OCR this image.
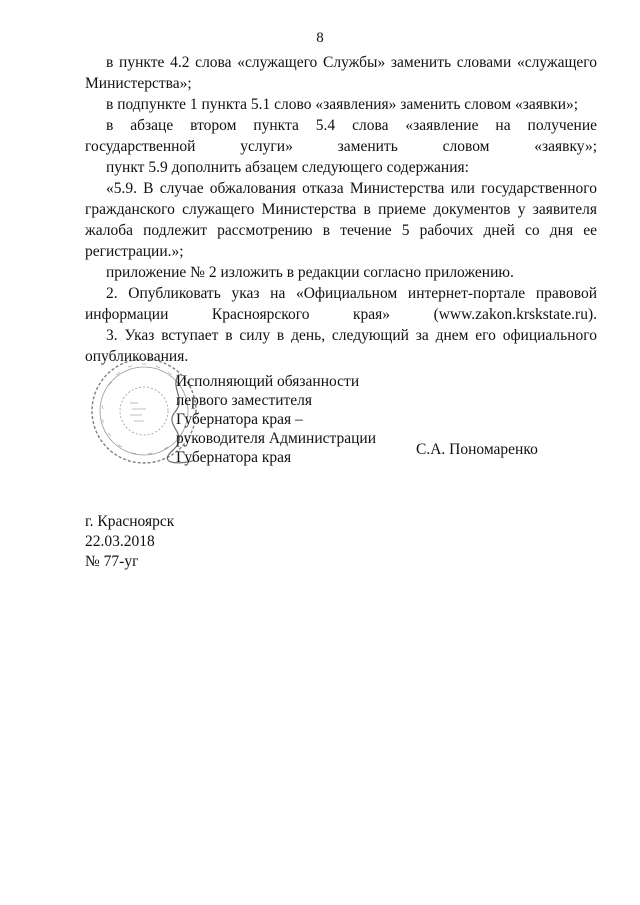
8

в пункте 4.2 слова «служащего Службы» заменить словами «служащего Министерства»;

в подпункте 1 пункта 5.1 слово «заявления» заменить словом «заявки»;

в абзаце втором пункта 5.4 слова «заявление на получение государственной услуги» заменить словом «заявку»;

пункт 5.9 дополнить абзацем следующего содержания:

«5.9. В случае обжалования отказа Министерства или государственного гражданского служащего Министерства в приеме документов у заявителя жалоба подлежит рассмотрению в течение 5 рабочих дней со дня ее регистрации.»;

приложение № 2 изложить в редакции согласно приложению.

2. Опубликовать указ на «Официальном интернет-портале правовой информации Красноярского края» (www.zakon.krskstate.ru).

3. Указ вступает в силу в день, следующий за днем его официального опубликования.

Исполняющий обязанности
первого заместителя
Губернатора края –
руководителя Администрации
Губернатора края	С.А. Пономаренко
г. Красноярск
22.03.2018
№ 77-уг
